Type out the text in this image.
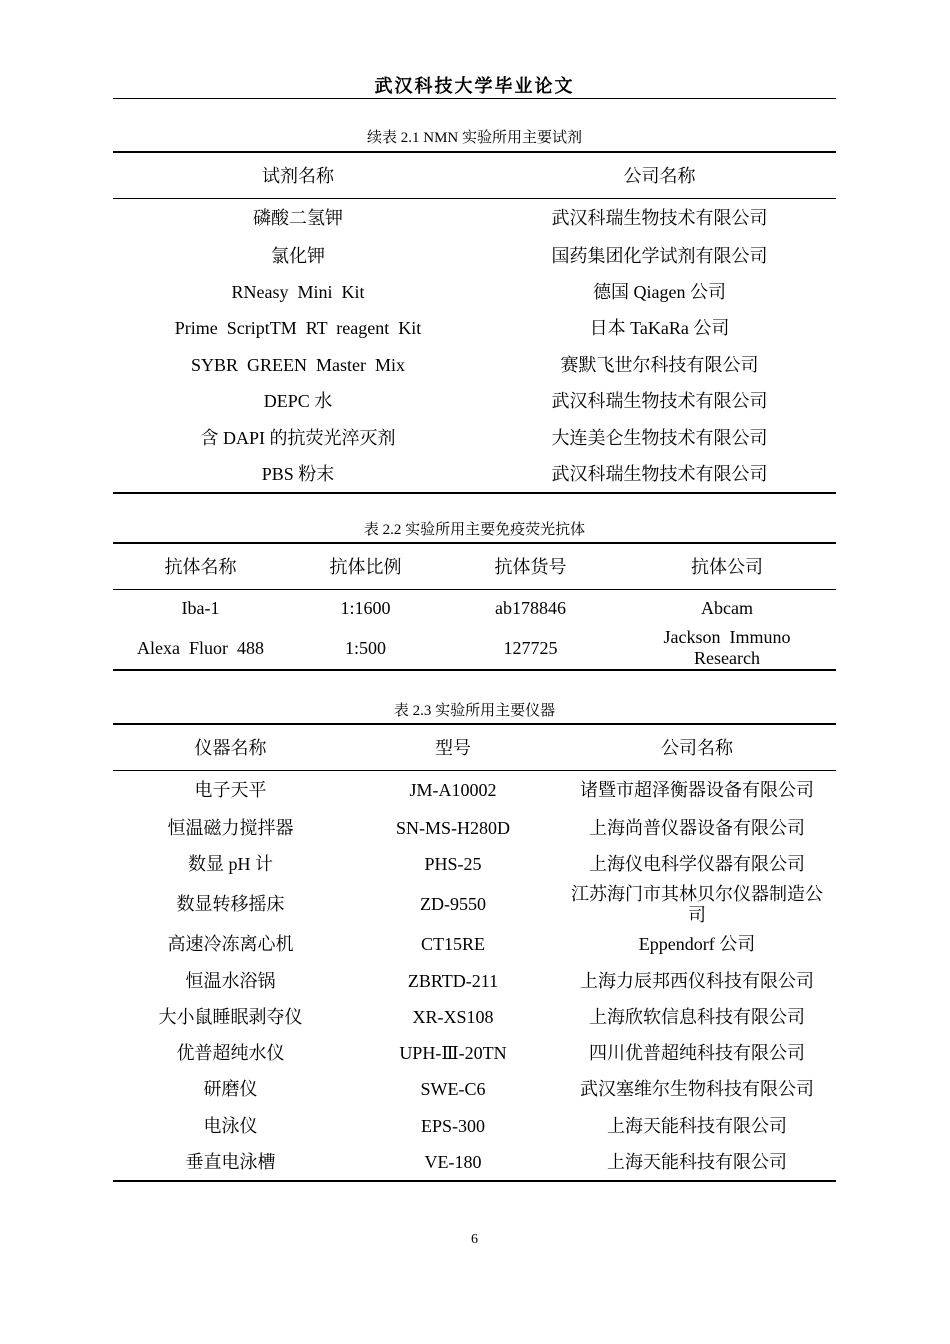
武汉科技大学毕业论文
续表 2.1 NMN 实验所用主要试剂
试剂名称	公司名称
磷酸二氢钾	武汉科瑞生物技术有限公司
氯化钾	国药集团化学试剂有限公司
RNeasy  Mini  Kit	德国 Qiagen 公司
Prime  ScriptTM  RT  reagent  Kit	日本 TaKaRa 公司
SYBR  GREEN  Master  Mix	赛默飞世尔科技有限公司
DEPC 水	武汉科瑞生物技术有限公司
含 DAPI 的抗荧光淬灭剂	大连美仑生物技术有限公司
PBS 粉末	武汉科瑞生物技术有限公司
表 2.2 实验所用主要免疫荧光抗体
抗体名称	抗体比例	抗体货号	抗体公司
Iba-1	1:1600	ab178846	Abcam
Alexa  Fluor  488	1:500	127725	Jackson  Immuno Research
表 2.3 实验所用主要仪器
仪器名称	型号	公司名称
电子天平	JM-A10002	诸暨市超泽衡器设备有限公司
恒温磁力搅拌器	SN-MS-H280D	上海尚普仪器设备有限公司
数显 pH 计	PHS-25	上海仪电科学仪器有限公司
数显转移摇床	ZD-9550	江苏海门市其林贝尔仪器制造公司
高速冷冻离心机	CT15RE	Eppendorf 公司
恒温水浴锅	ZBRTD-211	上海力辰邦西仪科技有限公司
大小鼠睡眠剥夺仪	XR-XS108	上海欣软信息科技有限公司
优普超纯水仪	UPH-Ⅲ-20TN	四川优普超纯科技有限公司
研磨仪	SWE-C6	武汉塞维尔生物科技有限公司
电泳仪	EPS-300	上海天能科技有限公司
垂直电泳槽	VE-180	上海天能科技有限公司
6
